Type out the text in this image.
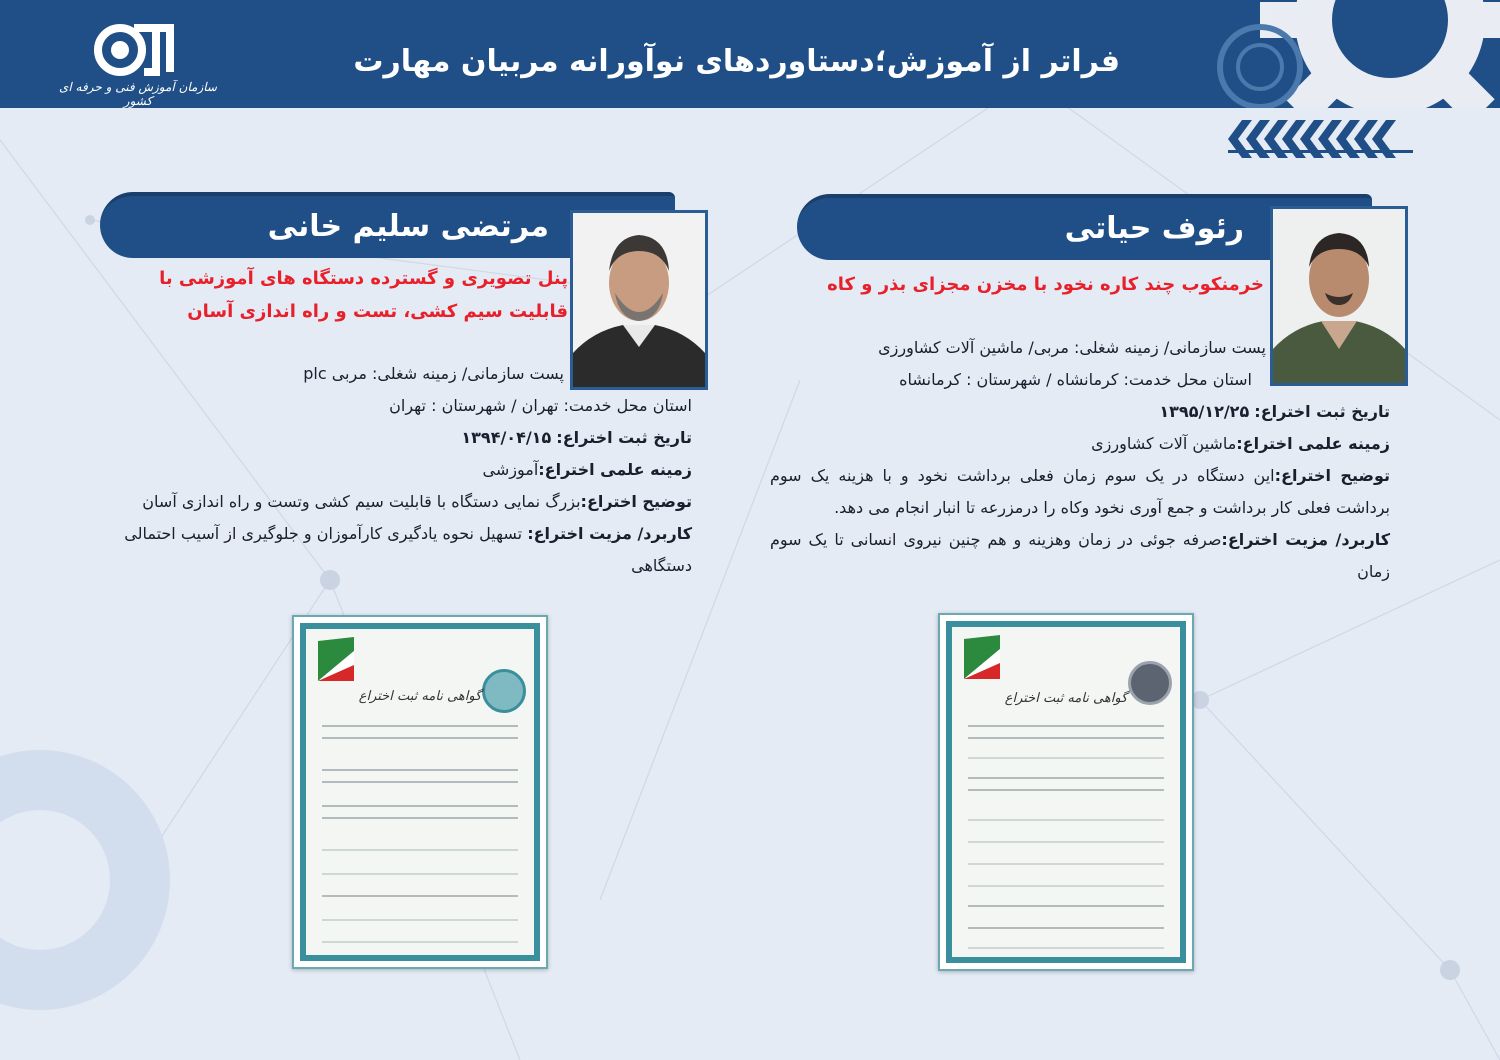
سازمان آموزش فنی و حرفه ای کشور
فراتر از آموزش؛دستاوردهای نوآورانه مربیان مهارت
رئوف حیاتی
خرمنکوب چند کاره نخود با مخزن مجزای بذر و کاه

پست سازمانی/ زمینه شغلی: مربی/ ماشین آلات کشاورزی

استان محل خدمت: کرمانشاه / شهرستان : کرمانشاه

تاریخ ثبت اختراع: ۱۳۹۵/۱۲/۲۵

زمینه علمی اختراع:ماشین آلات کشاورزی

توضیح اختراع:این دستگاه در یک سوم زمان فعلی برداشت نخود و با هزینه یک سوم برداشت فعلی کار برداشت و جمع آوری نخود وکاه را درمزرعه تا انبار انجام می دهد.

کاربرد/ مزیت اختراع:صرفه جوئی در زمان وهزینه و هم چنین نیروی انسانی تا یک سوم زمان

گواهی نامه ثبت اختراع
مرتضی سلیم خانی
پنل تصویری و گسترده دستگاه های آموزشی با قابلیت سیم کشی، تست و راه اندازی آسان

پست سازمانی/ زمینه شغلی: مربی plc

استان محل خدمت: تهران / شهرستان : تهران

تاریخ ثبت اختراع: ۱۳۹۴/۰۴/۱۵

زمینه علمی اختراع:آموزشی

توضیح اختراع:بزرگ نمایی دستگاه با قابلیت سیم کشی وتست و راه اندازی آسان

کاربرد/ مزیت اختراع: تسهیل نحوه یادگیری کارآموزان و جلوگیری از آسیب احتمالی دستگاهی

گواهی نامه ثبت اختراع
